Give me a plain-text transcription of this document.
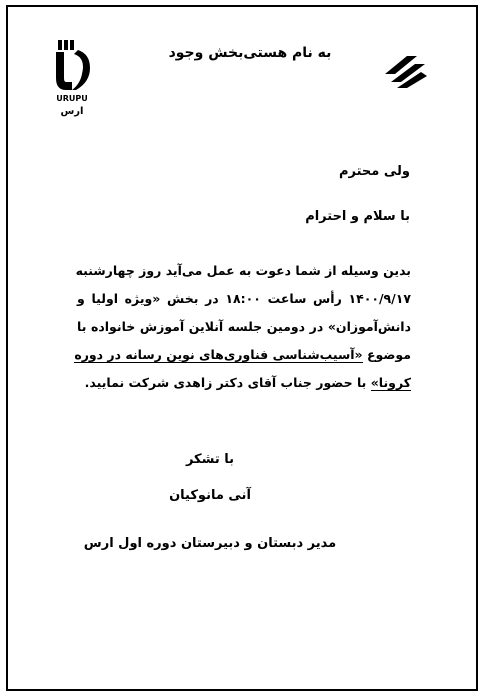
URUPU
ارس
به نام هستی‌بخش وجود
ولی محترم
با سلام و احترام
بدین وسیله از شما دعوت به عمل می‌آید روز چهارشنبه
۱۴۰۰/۹/۱۷ رأس ساعت ۱۸:۰۰ در بخش «ویژه اولیا و
دانش‌آموزان» در دومین جلسه آنلاین آموزش خانواده با
موضوع «آسیب‌شناسی فناوری‌های نوین رسانه در دوره
کرونا» با حضور جناب آقای دکتر زاهدی شرکت نمایید.
با تشکر
آنی مانوکیان
مدیر دبستان و دبیرستان دوره اول ارس
